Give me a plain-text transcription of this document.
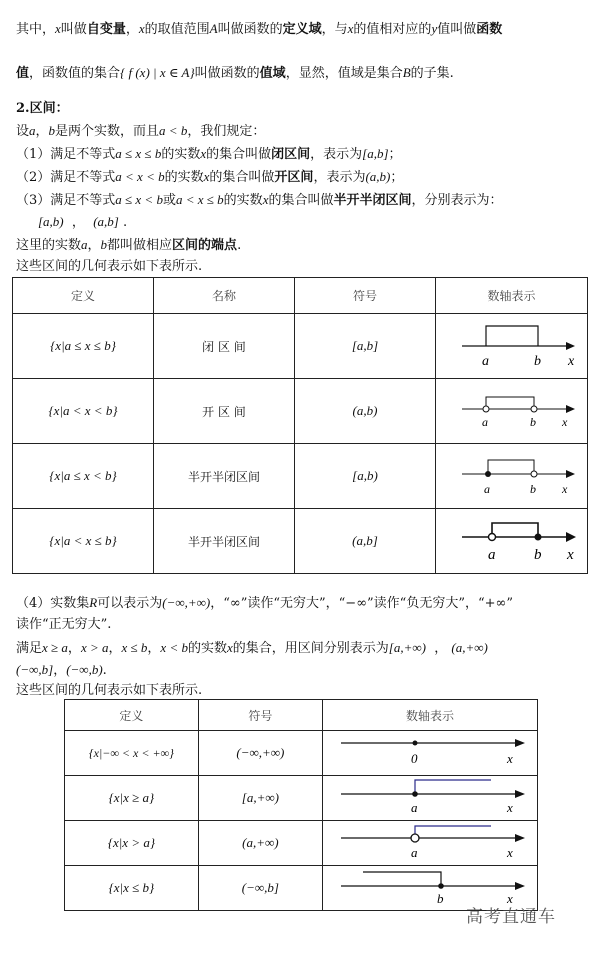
其中，x叫做自变量，x的取值范围A叫做函数的定义域，与x的值相对应的y值叫做函数
值，函数值的集合{ f (x) | x ∈ A}叫做函数的值域，显然，值域是集合B的子集.
2.区间：
设a，b是两个实数，而且a < b，我们规定：
（1）满足不等式a ≤ x ≤ b的实数x的集合叫做闭区间，表示为[a,b]；
（2）满足不等式a < x < b的实数x的集合叫做开区间，表示为(a,b)；
（3）满足不等式a ≤ x < b或a < x ≤ b的实数x的集合叫做半开半闭区间，分别表示为：
[a,b) ， (a,b] .
这里的实数a，b都叫做相应区间的端点.
这些区间的几何表示如下表所示.
定义	名称	符号	数轴表示
{x|a ≤ x ≤ b}	闭 区 间	[a,b]	a b x

{x|a < x < b}	开 区 间	(a,b)	a b x

{x|a ≤ x < b}	半开半闭区间	[a,b)	a b x

{x|a < x ≤ b}	半开半闭区间	(a,b]	a b x
（4）实数集R可以表示为(−∞,+∞)，“∞”读作“无穷大”，“−∞”读作“负无穷大”，“+∞”
读作“正无穷大”.
满足x ≥ a，x > a，x ≤ b，x < b的实数x的集合，用区间分别表示为[a,+∞) ， (a,+∞)
(−∞,b]，(−∞,b).
这些区间的几何表示如下表所示.
定义	符号	数轴表示
{x|−∞ < x < +∞}	(−∞,+∞)	0 x

{x|x ≥ a}	[a,+∞)	a x

{x|x > a}	(a,+∞)	a x

{x|x ≤ b}	(−∞,b]	b x
高考直通车
